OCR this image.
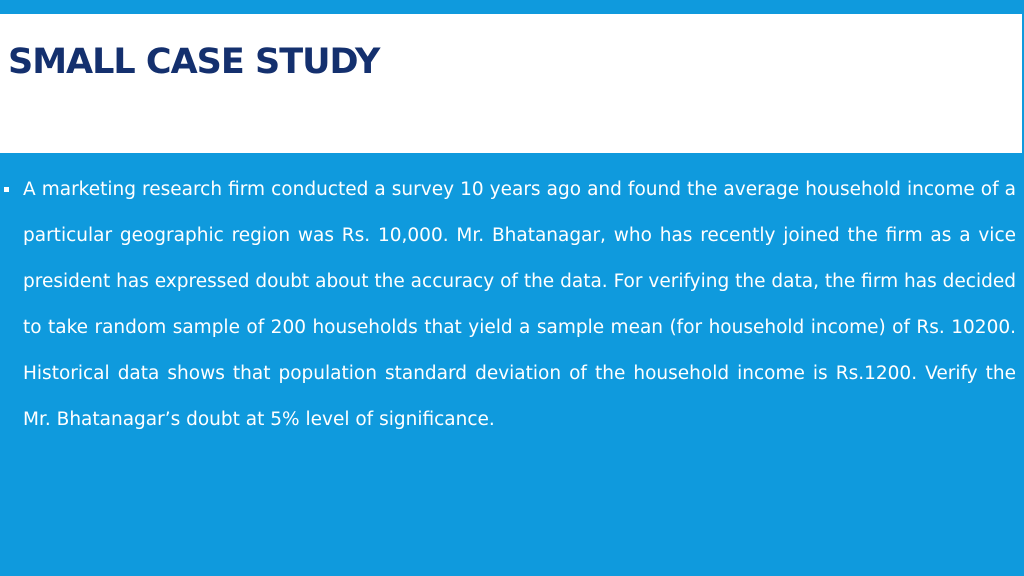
SMALL CASE STUDY

A marketing research firm conducted a survey 10 years ago and found the average household income of a particular geographic region was Rs. 10,000. Mr. Bhatanagar, who has recently joined the firm as a vice president has expressed doubt about the accuracy of the data. For verifying the data, the firm has decided to take random sample of 200 households that yield a sample mean (for household income) of Rs. 10200. Historical data shows that population standard deviation of the household income is Rs.1200. Verify the Mr. Bhatanagar’s doubt at 5% level of significance.
